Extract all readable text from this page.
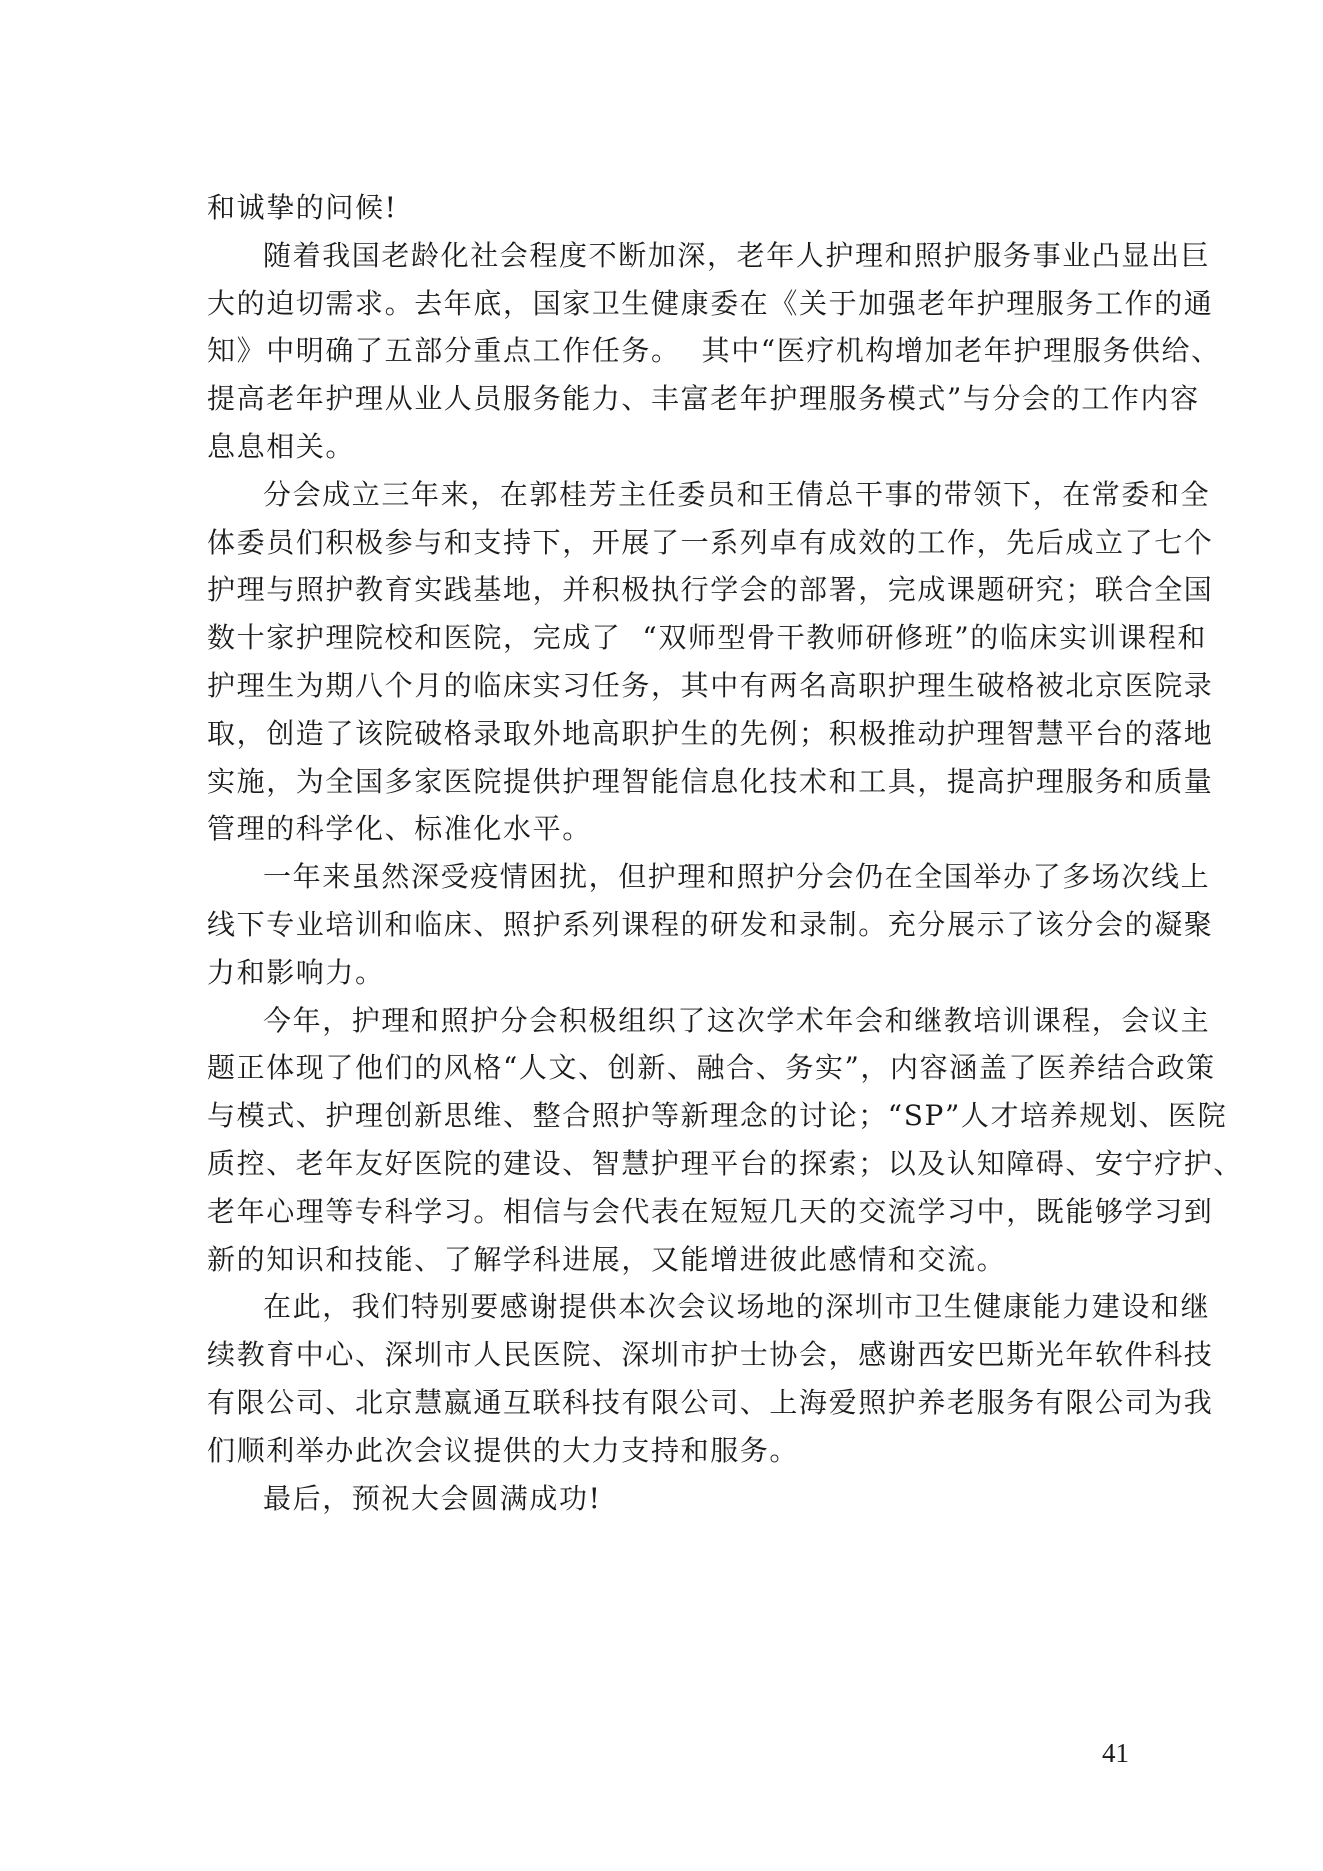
和诚挚的问候!
随着我国老龄化社会程度不断加深，老年人护理和照护服务事业凸显出巨
大的迫切需求。去年底，国家卫生健康委在《关于加强老年护理服务工作的通
知》中明确了五部分重点工作任务。  其中“医疗机构增加老年护理服务供给、
提高老年护理从业人员服务能力、丰富老年护理服务模式”与分会的工作内容
息息相关。
分会成立三年来，在郭桂芳主任委员和王倩总干事的带领下，在常委和全
体委员们积极参与和支持下，开展了一系列卓有成效的工作，先后成立了七个
护理与照护教育实践基地，并积极执行学会的部署，完成课题研究；联合全国
数十家护理院校和医院，完成了  “双师型骨干教师研修班”的临床实训课程和
护理生为期八个月的临床实习任务，其中有两名高职护理生破格被北京医院录
取，创造了该院破格录取外地高职护生的先例；积极推动护理智慧平台的落地
实施，为全国多家医院提供护理智能信息化技术和工具，提高护理服务和质量
管理的科学化、标准化水平。
一年来虽然深受疫情困扰，但护理和照护分会仍在全国举办了多场次线上
线下专业培训和临床、照护系列课程的研发和录制。充分展示了该分会的凝聚
力和影响力。
今年，护理和照护分会积极组织了这次学术年会和继教培训课程，会议主
题正体现了他们的风格“人文、创新、融合、务实”，内容涵盖了医养结合政策
与模式、护理创新思维、整合照护等新理念的讨论；“SP”人才培养规划、医院
质控、老年友好医院的建设、智慧护理平台的探索；以及认知障碍、安宁疗护、
老年心理等专科学习。相信与会代表在短短几天的交流学习中，既能够学习到
新的知识和技能、了解学科进展，又能增进彼此感情和交流。
在此，我们特别要感谢提供本次会议场地的深圳市卫生健康能力建设和继
续教育中心、深圳市人民医院、深圳市护士协会，感谢西安巴斯光年软件科技
有限公司、北京慧嬴通互联科技有限公司、上海爱照护养老服务有限公司为我
们顺利举办此次会议提供的大力支持和服务。
最后，预祝大会圆满成功!
41
